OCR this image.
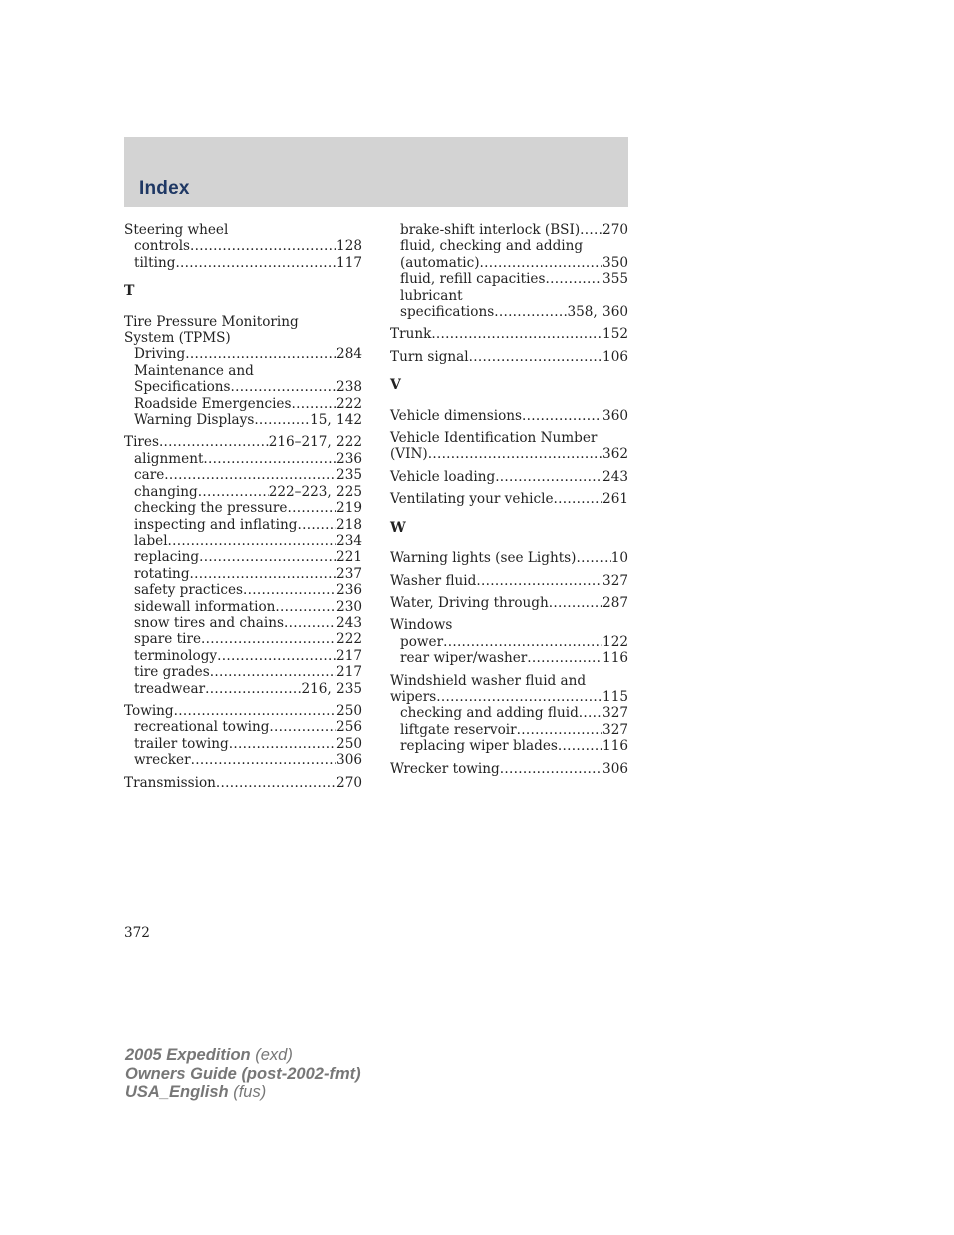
Index
Steering wheel
controls .....	128
tilting .....	117
T
Tire Pressure Monitoring
System (TPMS)
Driving .....	284
Maintenance and
Specifications .....	238
Roadside Emergencies .....	222
Warning Displays .....	15, 142
Tires .....	216–217, 222
alignment .....	236
care .....	235
changing .....	222–223, 225
checking the pressure .....	219
inspecting and inflating .....	218
label .....	234
replacing .....	221
rotating .....	237
safety practices .....	236
sidewall information .....	230
snow tires and chains .....	243
spare tire .....	222
terminology .....	217
tire grades .....	217
treadwear .....	216, 235
Towing .....	250
recreational towing .....	256
trailer towing .....	250
wrecker .....	306
Transmission .....	270
brake-shift interlock (BSI) ..... 270
fluid, checking and adding
(automatic) .....	350
fluid, refill capacities .....	355
lubricant
specifications .....	358, 360
Trunk .....	152
Turn signal .....	106
V
Vehicle dimensions .....	360
Vehicle Identification Number
(VIN) .....	362
Vehicle loading .....	243
Ventilating your vehicle .....	261
W
Warning lights (see Lights) .....	10
Washer fluid .....	327
Water, Driving through .....	287
Windows
power .....	122
rear wiper/washer .....	116
Windshield washer fluid and
wipers .....	115
checking and adding fluid ..... 327
liftgate reservoir .....	327
replacing wiper blades .....	116
Wrecker towing .....	306
372
2005 Expedition (exd)
Owners Guide (post-2002-fmt)
USA_English (fus)
